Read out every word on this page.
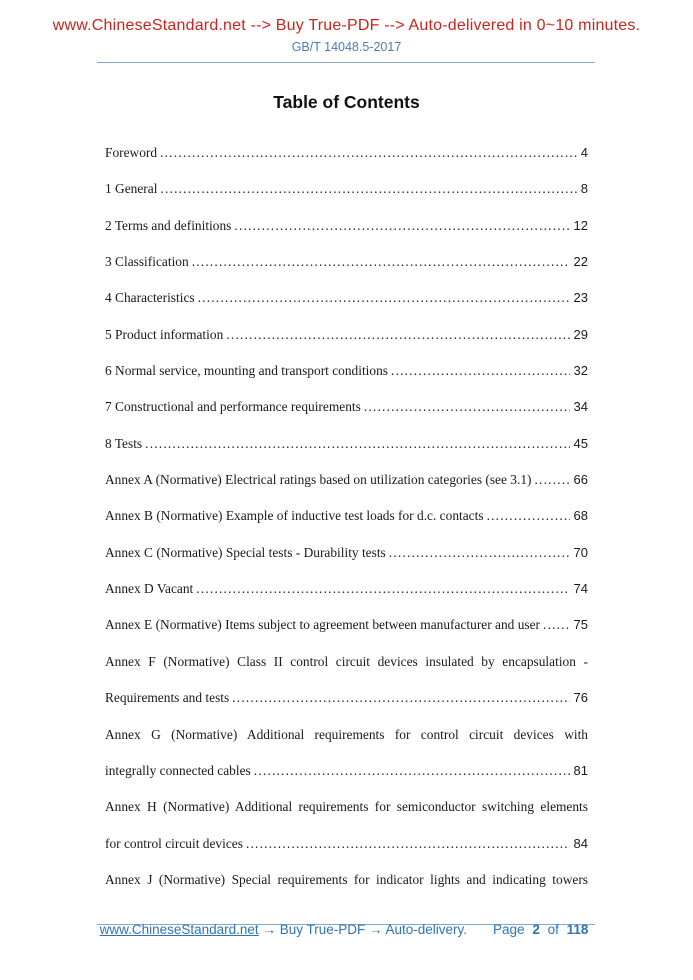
www.ChineseStandard.net --> Buy True-PDF --> Auto-delivered in 0~10 minutes.
GB/T 14048.5-2017
Table of Contents
Foreword .....	4
1 General .....	8
2 Terms and definitions .....	12
3 Classification .....	22
4 Characteristics .....	23
5 Product information .....	29
6 Normal service, mounting and transport conditions .....	32
7 Constructional and performance requirements .....	34
8 Tests .....	45
Annex A (Normative) Electrical ratings based on utilization categories (see 3.1) .....	66
Annex B (Normative) Example of inductive test loads for d.c. contacts .....	68
Annex C (Normative) Special tests - Durability tests .....	70
Annex D Vacant .....	74
Annex E (Normative) Items subject to agreement between manufacturer and user .....	75
Annex F (Normative) Class II control circuit devices insulated by encapsulation -
Requirements and tests .....	76
Annex G (Normative) Additional requirements for control circuit devices with
integrally connected cables .....	81
Annex H (Normative) Additional requirements for semiconductor switching elements
for control circuit devices .....	84
Annex J (Normative) Special requirements for indicator lights and indicating towers
www.ChineseStandard.net → Buy True-PDF → Auto-delivery. Page 2 of 118
